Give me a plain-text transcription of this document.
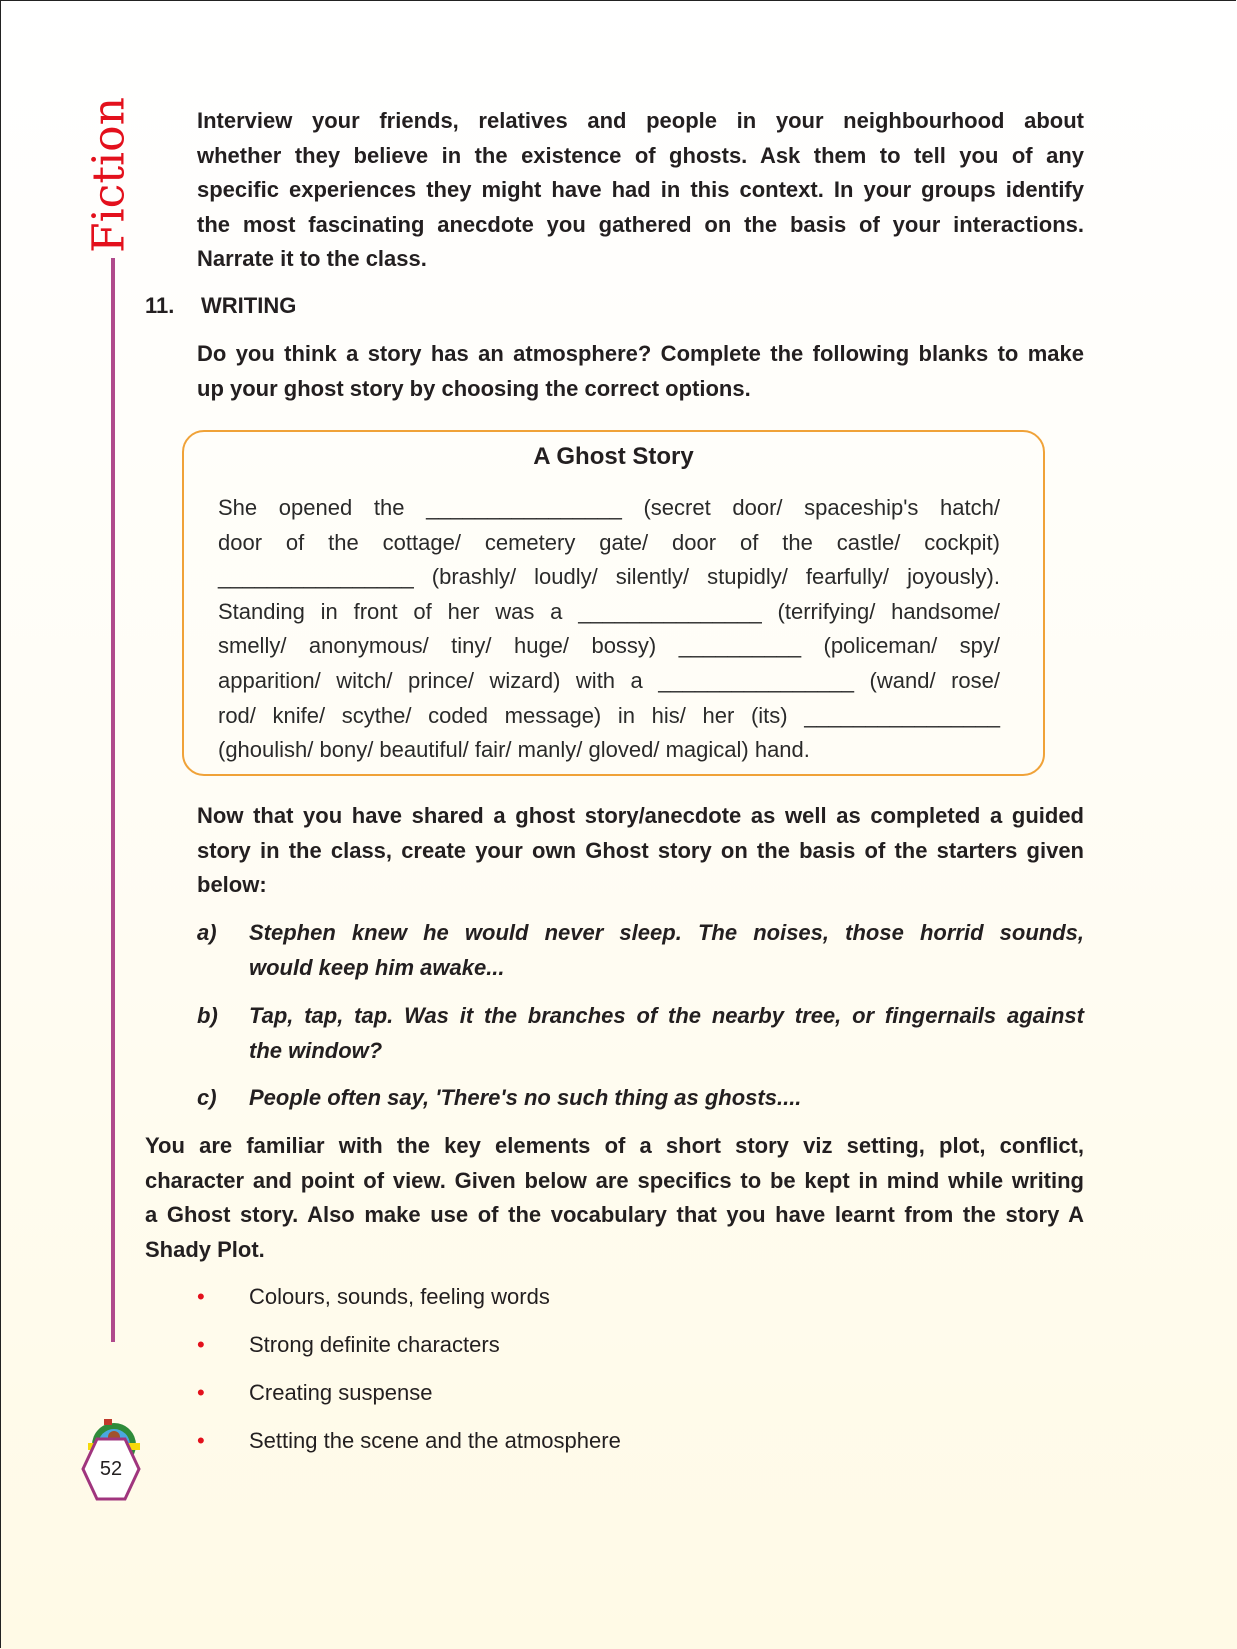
Fiction
52
Interview your friends, relatives and people in your neighbourhood about
whether they believe in the existence of ghosts. Ask them to tell you of any
specific experiences they might have had in this context. In your groups identify
the most fascinating anecdote you gathered on the basis of your interactions.
Narrate it to the class.
11. WRITING
Do you think a story has an atmosphere? Complete the following blanks to make
up your ghost story by choosing the correct options.
A Ghost Story
She opened the ________________ (secret door/ spaceship's hatch/
door of the cottage/ cemetery gate/ door of the castle/ cockpit)
________________ (brashly/ loudly/ silently/ stupidly/ fearfully/ joyously).
Standing in front of her was a _______________ (terrifying/ handsome/
smelly/ anonymous/ tiny/ huge/ bossy) __________ (policeman/ spy/
apparition/ witch/ prince/ wizard) with a ________________ (wand/ rose/
rod/ knife/ scythe/ coded message) in his/ her (its) ________________
(ghoulish/ bony/ beautiful/ fair/ manly/ gloved/ magical) hand.
Now that you have shared a ghost story/anecdote as well as completed a guided
story in the class, create your own Ghost story on the basis of the starters given
below:
a) Stephen knew he would never sleep. The noises, those horrid sounds,
would keep him awake...
b) Tap, tap, tap. Was it the branches of the nearby tree, or fingernails against
the window?
c) People often say, 'There's no such thing as ghosts....
You are familiar with the key elements of a short story viz setting, plot, conflict,
character and point of view. Given below are specifics to be kept in mind while writing
a Ghost story. Also make use of the vocabulary that you have learnt from the story A
Shady Plot.
• Colours, sounds, feeling words
• Strong definite characters
• Creating suspense
• Setting the scene and the atmosphere
